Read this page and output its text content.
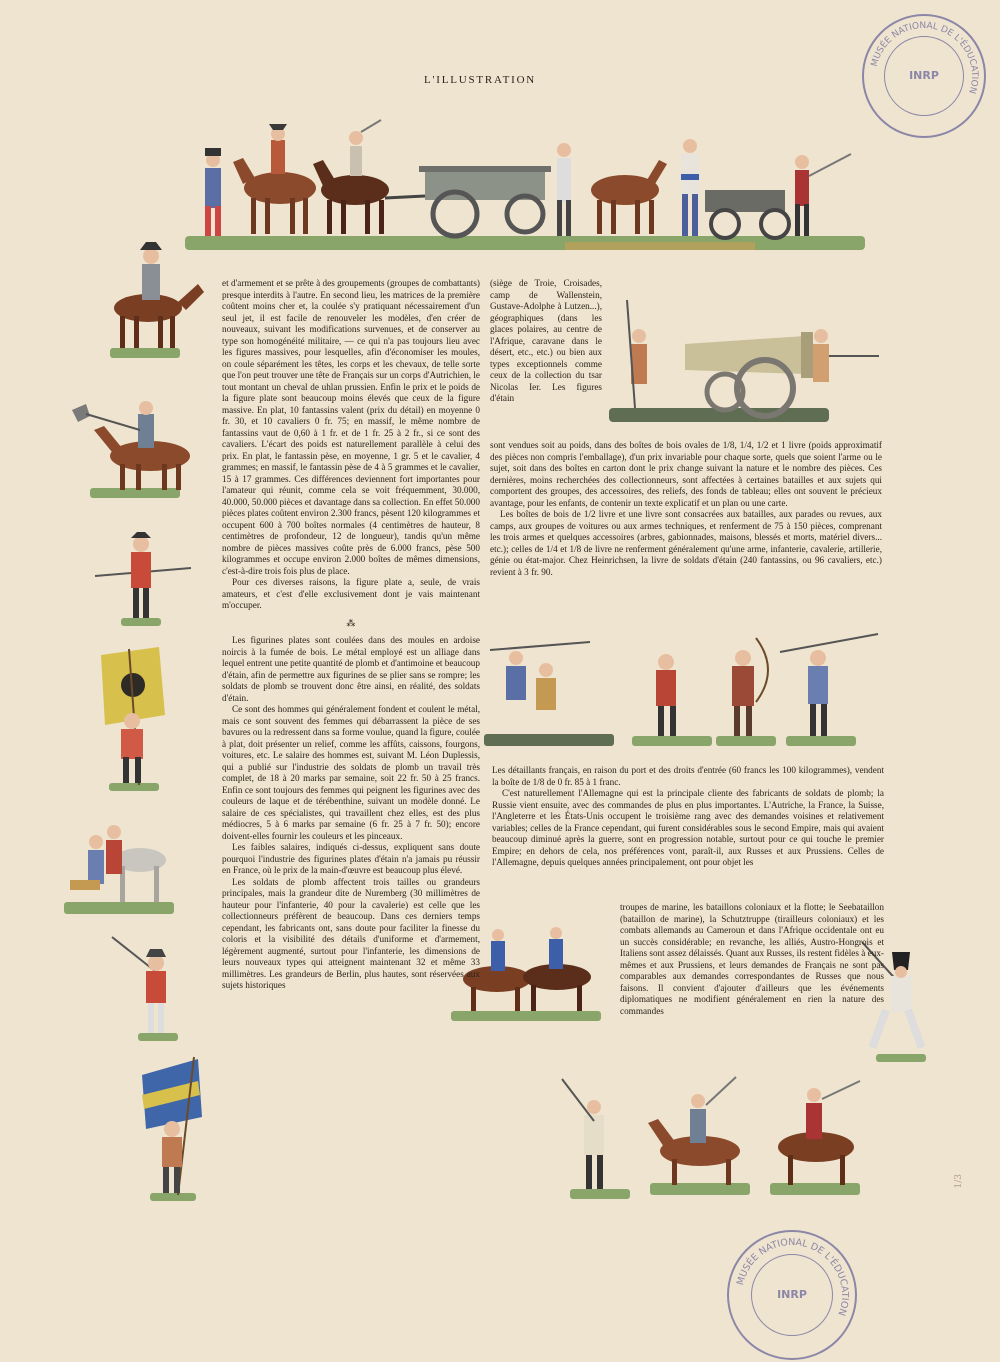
L'ILLUSTRATION
MUSÉE NATIONAL DE L'ÉDUCATION
INRP
MUSÉE NATIONAL DE L'ÉDUCATION
INRP

et d'armement et se prête à des groupements (groupes de combattants) presque interdits à l'autre. En second lieu, les matrices de la première coûtent moins cher et, la coulée s'y pratiquant nécessairement d'un seul jet, il est facile de renouveler les modèles, d'en créer de nouveaux, suivant les modifications survenues, et de conserver au type son homogénéité militaire, — ce qui n'a pas toujours lieu avec les figures massives, pour lesquelles, afin d'économiser les moules, on coule séparément les têtes, les corps et les chevaux, de telle sorte que l'on peut trouver une tête de Français sur un corps d'Autrichien, le tout montant un cheval de uhlan prussien. Enfin le prix et le poids de la figure plate sont beaucoup moins élevés que ceux de la figure massive. En plat, 10 fantassins valent (prix du détail) en moyenne 0 fr. 30, et 10 cavaliers 0 fr. 75; en massif, le même nombre de fantassins vaut de 0,60 à 1 fr. et de 1 fr. 25 à 2 fr., si ce sont des cavaliers. L'écart des poids est naturellement parallèle à celui des prix. En plat, le fantassin pèse, en moyenne, 1 gr. 5 et le cavalier, 4 grammes; en massif, le fantassin pèse de 4 à 5 grammes et le cavalier, 15 à 17 grammes. Ces différences deviennent fort importantes pour l'amateur qui réunit, comme cela se voit fréquemment, 30.000, 40.000, 50.000 pièces et davantage dans sa collection. En effet 50.000 pièces plates coûtent environ 2.300 francs, pèsent 120 kilogrammes et occupent 600 à 700 boîtes normales (4 centimètres de hauteur, 8 centimètres de profondeur, 12 de longueur), tandis qu'un même nombre de pièces massives coûte près de 6.000 francs, pèse 500 kilogrammes et occupe environ 2.000 boîtes de mêmes dimensions, c'est-à-dire trois fois plus de place.

Pour ces diverses raisons, la figure plate a, seule, de vrais amateurs, et c'est d'elle exclusivement dont je vais maintenant m'occuper.

⁂

Les figurines plates sont coulées dans des moules en ardoise noircis à la fumée de bois. Le métal employé est un alliage dans lequel entrent une petite quantité de plomb et d'antimoine et beaucoup d'étain, afin de permettre aux figurines de se plier sans se rompre; les soldats de plomb se trouvent donc être ainsi, en réalité, des soldats d'étain.

Ce sont des hommes qui généralement fondent et coulent le métal, mais ce sont souvent des femmes qui débarrassent la pièce de ses bavures ou la redressent dans sa forme voulue, quand la figure, coulée à plat, doit présenter un relief, comme les affûts, caissons, fourgons, voitures, etc. Le salaire des hommes est, suivant M. Léon Duplessis, qui a publié sur l'industrie des soldats de plomb un travail très complet, de 18 à 20 marks par semaine, soit 22 fr. 50 à 25 francs. Enfin ce sont toujours des femmes qui peignent les figurines avec des couleurs de laque et de térébenthine, suivant un modèle donné. Le salaire de ces spécialistes, qui travaillent chez elles, est des plus médiocres, 5 à 6 marks par semaine (6 fr. 25 à 7 fr. 50); encore doivent-elles fournir les couleurs et les pinceaux.

Les faibles salaires, indiqués ci-dessus, expliquent sans doute pourquoi l'industrie des figurines plates d'étain n'a jamais pu réussir en France, où le prix de la main-d'œuvre est beaucoup plus élevé.

Les soldats de plomb affectent trois tailles ou grandeurs principales, mais la grandeur dite de Nuremberg (30 millimètres de hauteur pour l'infanterie, 40 pour la cavalerie) est celle que les collectionneurs préfèrent de beaucoup. Dans ces derniers temps cependant, les fabricants ont, sans doute pour faciliter la finesse du coloris et la visibilité des détails d'uniforme et d'armement, légèrement augmenté, surtout pour l'infanterie, les dimensions de leurs nouveaux types qui atteignent maintenant 32 et même 33 millimètres. Les grandeurs de Berlin, plus hautes, sont réservées aux sujets historiques

(siège de Troie, Croisades, camp de Wallenstein, Gustave-Adolphe à Lutzen...), géographiques (dans les glaces polaires, au centre de l'Afrique, caravane dans le désert, etc., etc.) ou bien aux types exceptionnels comme ceux de la collection du tsar Nicolas Ier. Les figures d'étain

sont vendues soit au poids, dans des boîtes de bois ovales de 1/8, 1/4, 1/2 et 1 livre (poids approximatif des pièces non compris l'emballage), d'un prix invariable pour chaque sorte, quels que soient l'arme ou le sujet, soit dans des boîtes en carton dont le prix change suivant la nature et le nombre des pièces. Ces dernières, moins recherchées des collectionneurs, sont affectées à certaines batailles et aux sujets qui comportent des groupes, des accessoires, des reliefs, des fonds de tableau; elles ont souvent le précieux avantage, pour les enfants, de contenir un texte explicatif et un plan ou une carte.

Les boîtes de bois de 1/2 livre et une livre sont consacrées aux batailles, aux parades ou revues, aux camps, aux groupes de voitures ou aux armes techniques, et renferment de 75 à 150 pièces, comprenant les trois armes et quelques accessoires (arbres, gabionnades, maisons, blessés et morts, matériel divers... etc.); celles de 1/4 et 1/8 de livre ne renferment généralement qu'une arme, infanterie, cavalerie, artillerie, génie ou état-major. Chez Heinrichsen, la livre de soldats d'étain (240 fantassins, ou 96 cavaliers, etc.) revient à 3 fr. 90.

Les détaillants français, en raison du port et des droits d'entrée (60 francs les 100 kilogrammes), vendent la boîte de 1/8 de 0 fr. 85 à 1 franc.

C'est naturellement l'Allemagne qui est la principale cliente des fabricants de soldats de plomb; la Russie vient ensuite, avec des commandes de plus en plus importantes. L'Autriche, la France, la Suisse, l'Angleterre et les États-Unis occupent le troisième rang avec des demandes voisines et relativement variables; celles de la France cependant, qui furent considérables sous le second Empire, mais qui avaient beaucoup diminué après la guerre, sont en progression notable, surtout pour ce qui touche le premier Empire; en dehors de cela, nos préférences vont, paraît-il, aux Russes et aux Prussiens. Celles de l'Allemagne, depuis quelques années principalement, ont pour objet les

troupes de marine, les bataillons coloniaux et la flotte; le Seebataillon (bataillon de marine), la Schutztruppe (tirailleurs coloniaux) et les combats allemands au Cameroun et dans l'Afrique occidentale ont eu un succès considérable; en revanche, les alliés, Austro-Hongrois et Italiens sont assez délaissés. Quant aux Russes, ils restent fidèles à eux-mêmes et aux Prussiens, et leurs demandes de Français ne sont pas comparables aux demandes correspondantes de Russes que nous faisons. Il convient d'ajouter d'ailleurs que les événements diplomatiques ne modifient généralement en rien la nature des commandes

1/3
